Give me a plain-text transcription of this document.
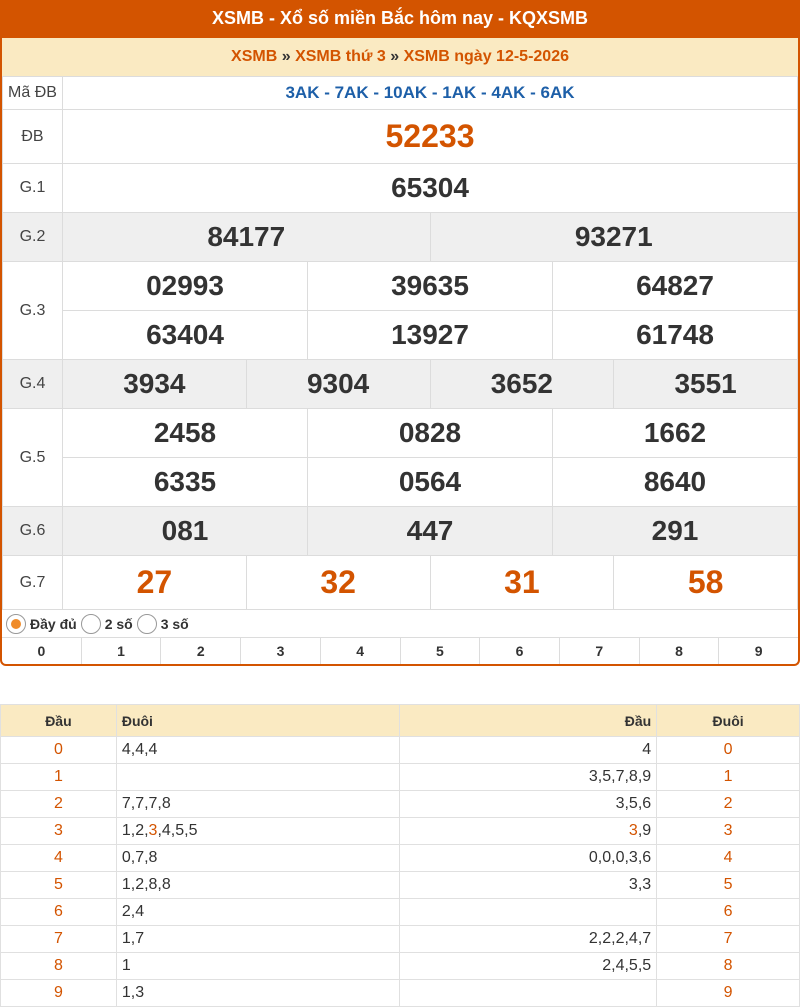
XSMB - Xổ số miền Bắc hôm nay - KQXSMB
XSMB » XSMB thứ 3 » XSMB ngày 12-5-2026
Mã ĐB	3AK - 7AK - 10AK - 1AK - 4AK - 6AK					
ĐB	52233					
G.1	65304					
G.2	84177			93271		
G.3	02993		39635		64827	
	63404		13927		61748	
G.4	3934	9304		3652		3551
G.5	2458		0828		1662	
	6335		0564		8640	
G.6	081		447		291	
G.7	27	32		31		58
Đầy đủ 2 số 3 số
0	1	2	3	4	5	6	7	8	9
Đầu	Đuôi	Đầu	Đuôi
0	4,4,4	4	0
1		3,5,7,8,9	1
2	7,7,7,8	3,5,6	2
3	1,2,3,4,5,5	3,9	3
4	0,7,8	0,0,0,3,6	4
5	1,2,8,8	3,3	5
6	2,4		6
7	1,7	2,2,2,4,7	7
8	1	2,4,5,5	8
9	1,3		9
